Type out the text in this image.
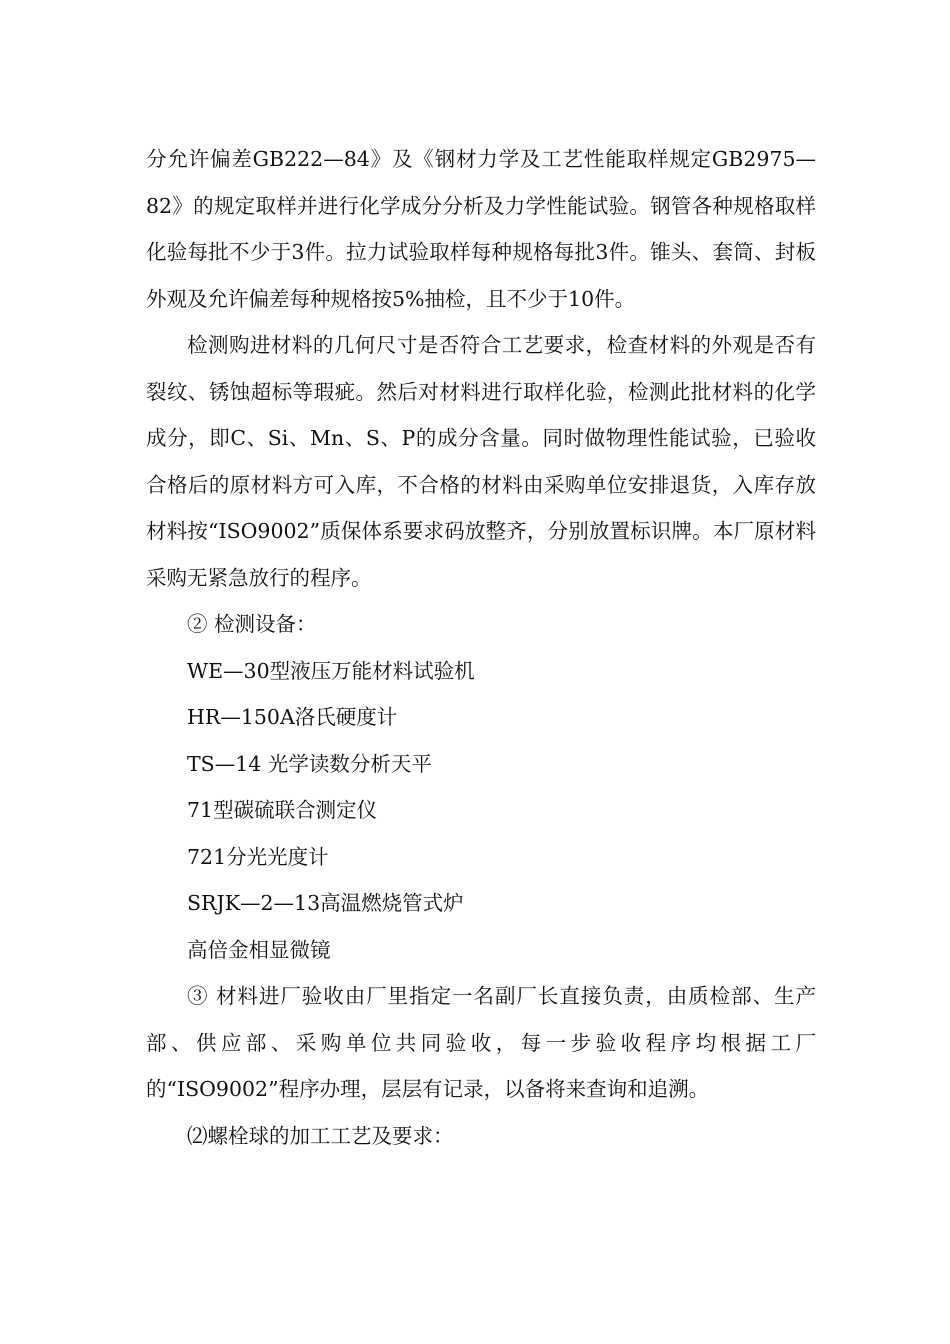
分允许偏差GB222—84》及《钢材力学及工艺性能取样规定GB2975—82》的规定取样并进行化学成分分析及力学性能试验。钢管各种规格取样化验每批不少于3件。拉力试验取样每种规格每批3件。锥头、套筒、封板外观及允许偏差每种规格按5%抽检，且不少于10件。

检测购进材料的几何尺寸是否符合工艺要求，检查材料的外观是否有裂纹、锈蚀超标等瑕疵。然后对材料进行取样化验，检测此批材料的化学成分，即C、Si、Mn、S、P的成分含量。同时做物理性能试验，已验收合格后的原材料方可入库，不合格的材料由采购单位安排退货，入库存放材料按“ISO9002”质保体系要求码放整齐，分别放置标识牌。本厂原材料采购无紧急放行的程序。

② 检测设备：

WE—30型液压万能材料试验机

HR—150A洛氏硬度计

TS—14 光学读数分析天平

71型碳硫联合测定仪

721分光光度计

SRJK—2—13高温燃烧管式炉

高倍金相显微镜

③ 材料进厂验收由厂里指定一名副厂长直接负责，由质检部、生产部、供应部、采购单位共同验收，每一步验收程序均根据工厂的“ISO9002”程序办理，层层有记录，以备将来查询和追溯。

⑵螺栓球的加工工艺及要求：
